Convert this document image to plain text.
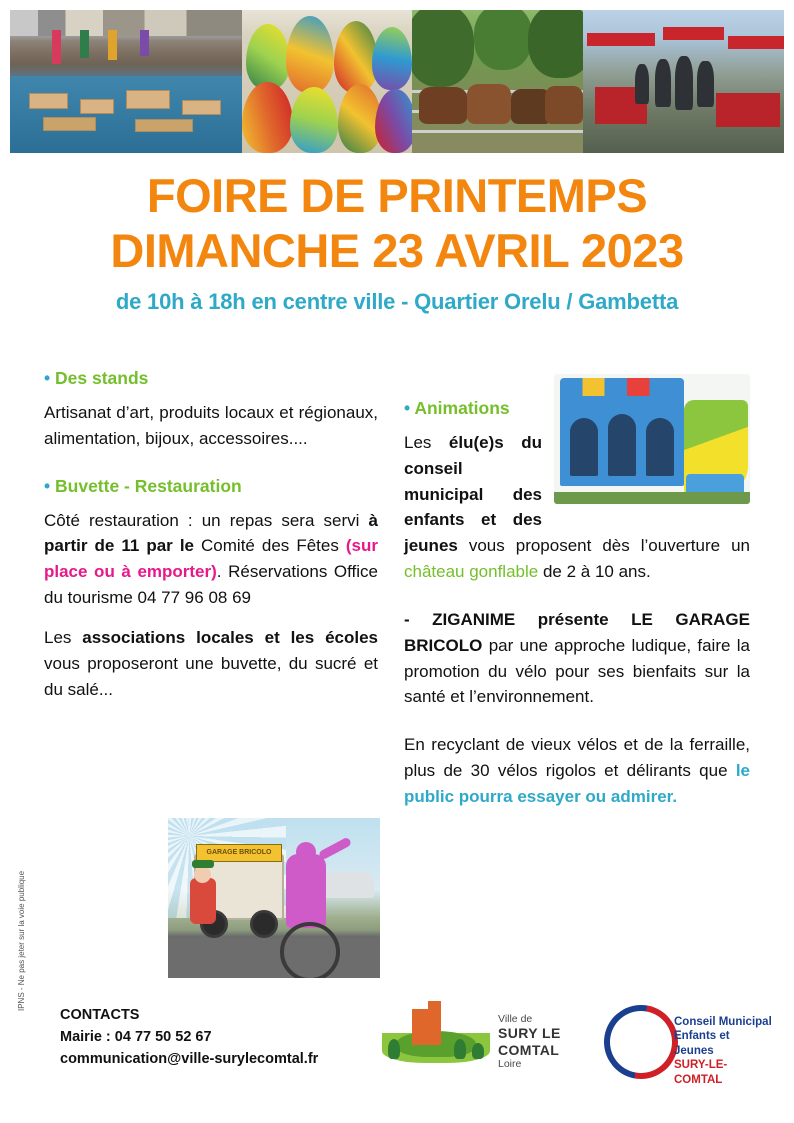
FOIRE DE PRINTEMPS
DIMANCHE 23 AVRIL 2023
de 10h à 18h en centre ville - Quartier Orelu / Gambetta
• Des stands

Artisanat d’art, produits locaux et régionaux, alimentation, bijoux, accessoires....

• Buvette - Restauration

Côté restauration : un repas sera servi à partir de 11 par le Comité des Fêtes (sur place ou à emporter). Réservations Office du tourisme 04 77 96 08 69

Les associations locales et les écoles vous proposeront une buvette, du sucré et du salé...

• Animations

Les élu(e)s du conseil municipal des enfants et des jeunes vous proposent dès l’ouverture un château gonflable de 2 à 10 ans.

- ZIGANIME présente LE GARAGE BRICOLO par une approche ludique, faire la promotion du vélo pour ses bienfaits sur la santé et l’environnement.

En recyclant de vieux vélos et de la ferraille, plus de 30 vélos rigolos et délirants que le public pourra essayer ou admirer.

GARAGE BRICOLO
CONTACTS
Mairie : 04 77 50 52 67
communication@ville-surylecomtal.fr
Ville de
SURY LE COMTAL
Loire
Conseil Municipal
Enfants et Jeunes
SURY-LE-COMTAL
IPNS - Ne pas jeter sur la voie publique
